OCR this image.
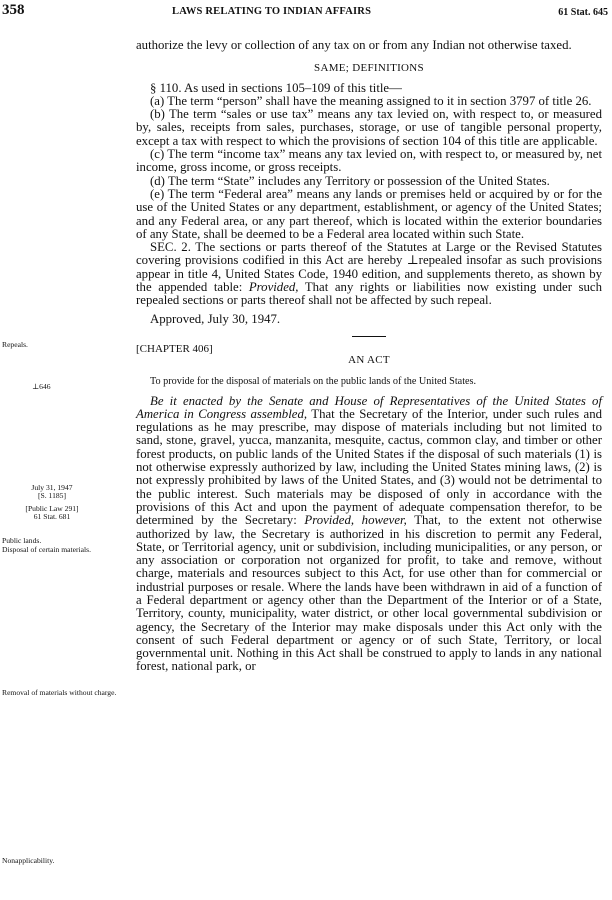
358	LAWS RELATING TO INDIAN AFFAIRS	61 Stat. 645
Repeals.
⊥646
July 31, 1947
[S. 1185]
[Public Law 291]
61 Stat. 681
Public lands.
Disposal of certain materials.
Removal of materials without charge.
Nonapplicability.

authorize the levy or collection of any tax on or from any Indian not otherwise taxed.

SAME; DEFINITIONS

§ 110. As used in sections 105–109 of this title—

(a) The term “person” shall have the meaning assigned to it in section 3797 of title 26.

(b) The term “sales or use tax” means any tax levied on, with respect to, or measured by, sales, receipts from sales, purchases, storage, or use of tangible personal property, except a tax with respect to which the provisions of section 104 of this title are applicable.

(c) The term “income tax” means any tax levied on, with respect to, or measured by, net income, gross income, or gross receipts.

(d) The term “State” includes any Territory or possession of the United States.

(e) The term “Federal area” means any lands or premises held or acquired by or for the use of the United States or any department, establishment, or agency of the United States; and any Federal area, or any part thereof, which is located within the exterior boundaries of any State, shall be deemed to be a Federal area located within such State.

SEC. 2. The sections or parts thereof of the Statutes at Large or the Revised Statutes covering provisions codified in this Act are hereby ⊥repealed insofar as such provisions appear in title 4, United States Code, 1940 edition, and supplements thereto, as shown by the appended table: Provided, That any rights or liabilities now existing under such repealed sections or parts thereof shall not be affected by such repeal.

Approved, July 30, 1947.

[CHAPTER 406]

AN ACT

To provide for the disposal of materials on the public lands of the United States.

Be it enacted by the Senate and House of Representatives of the United States of America in Congress assembled, That the Secretary of the Interior, under such rules and regulations as he may prescribe, may dispose of materials including but not limited to sand, stone, gravel, yucca, manzanita, mesquite, cactus, common clay, and timber or other forest products, on public lands of the United States if the disposal of such materials (1) is not otherwise expressly authorized by law, including the United States mining laws, (2) is not expressly prohibited by laws of the United States, and (3) would not be detrimental to the public interest. Such materials may be disposed of only in accordance with the provisions of this Act and upon the payment of adequate compensation therefor, to be determined by the Secretary: Provided, however, That, to the extent not otherwise authorized by law, the Secretary is authorized in his discretion to permit any Federal, State, or Territorial agency, unit or subdivision, including municipalities, or any person, or any association or corporation not organized for profit, to take and remove, without charge, materials and resources subject to this Act, for use other than for commercial or industrial purposes or resale. Where the lands have been withdrawn in aid of a function of a Federal department or agency other than the Department of the Interior or of a State, Territory, county, municipality, water district, or other local governmental subdivision or agency, the Secretary of the Interior may make disposals under this Act only with the consent of such Federal department or agency or of such State, Territory, or local governmental unit. Nothing in this Act shall be construed to apply to lands in any national forest, national park, or
